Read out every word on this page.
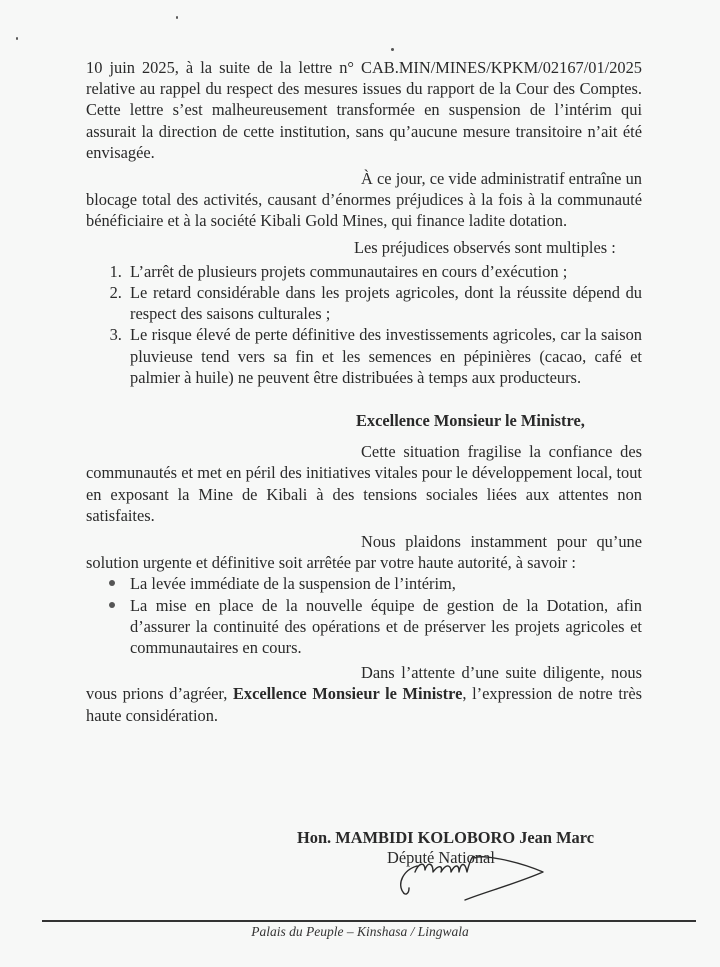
10 juin 2025, à la suite de la lettre n° CAB.MIN/MINES/KPKM/02167/01/2025 relative au rappel du respect des mesures issues du rapport de la Cour des Comptes. Cette lettre s’est malheureusement transformée en suspension de l’intérim qui assurait la direction de cette institution, sans qu’aucune mesure transitoire n’ait été envisagée.

À ce jour, ce vide administratif entraîne un blocage total des activités, causant d’énormes préjudices à la fois à la communauté bénéficiaire et à la société Kibali Gold Mines, qui finance ladite dotation.

Les préjudices observés sont multiples :

1. L’arrêt de plusieurs projets communautaires en cours d’exécution ;
2. Le retard considérable dans les projets agricoles, dont la réussite dépend du respect des saisons culturales ;
3. Le risque élevé de perte définitive des investissements agricoles, car la saison pluvieuse tend vers sa fin et les semences en pépinières (cacao, café et palmier à huile) ne peuvent être distribuées à temps aux producteurs.

Excellence Monsieur le Ministre,

Cette situation fragilise la confiance des communautés et met en péril des initiatives vitales pour le développement local, tout en exposant la Mine de Kibali à des tensions sociales liées aux attentes non satisfaites.

Nous plaidons instamment pour qu’une solution urgente et définitive soit arrêtée par votre haute autorité, à savoir :

La levée immédiate de la suspension de l’intérim,
La mise en place de la nouvelle équipe de gestion de la Dotation, afin d’assurer la continuité des opérations et de préserver les projets agricoles et communautaires en cours.

Dans l’attente d’une suite diligente, nous vous prions d’agréer, Excellence Monsieur le Ministre, l’expression de notre très haute considération.

Hon. MAMBIDI KOLOBORO Jean Marc
Député National
Palais du Peuple – Kinshasa / Lingwala
